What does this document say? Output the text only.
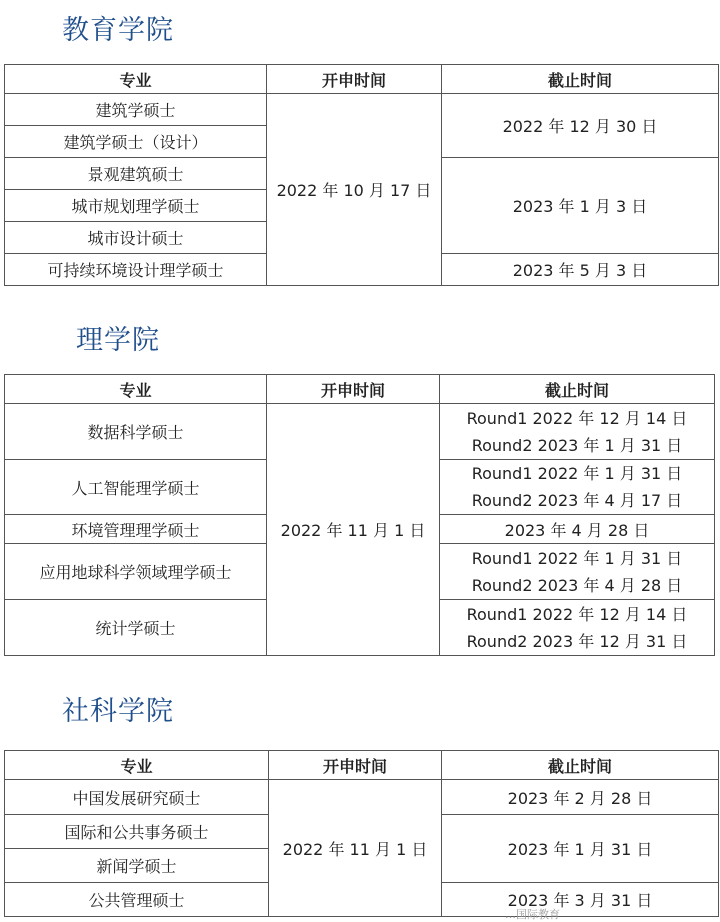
教育学院
专业	开申时间	截止时间
建筑学硕士	2022 年 10 月 17 日	2022 年 12 月 30 日
建筑学硕士（设计）		
景观建筑硕士		2023 年 1 月 3 日
城市规划理学硕士		
城市设计硕士		
可持续环境设计理学硕士		2023 年 5 月 3 日
理学院
专业	开申时间	截止时间
数据科学硕士	2022 年 11 月 1 日	Round1 2022 年 12 月 14 日
Round2 2023 年 1 月 31 日

人工智能理学硕士		Round1 2022 年 1 月 31 日
Round2 2023 年 4 月 17 日

环境管理理学硕士		2023 年 4 月 28 日
应用地球科学领域理学硕士		Round1 2022 年 1 月 31 日
Round2 2023 年 4 月 28 日

统计学硕士		Round1 2022 年 12 月 14 日
Round2 2023 年 12 月 31 日
社科学院
专业	开申时间	截止时间
中国发展研究硕士	2022 年 11 月 1 日	2023 年 2 月 28 日
国际和公共事务硕士		2023 年 1 月 31 日
新闻学硕士		
公共管理硕士		2023 年 3 月 31 日
…国际教育
